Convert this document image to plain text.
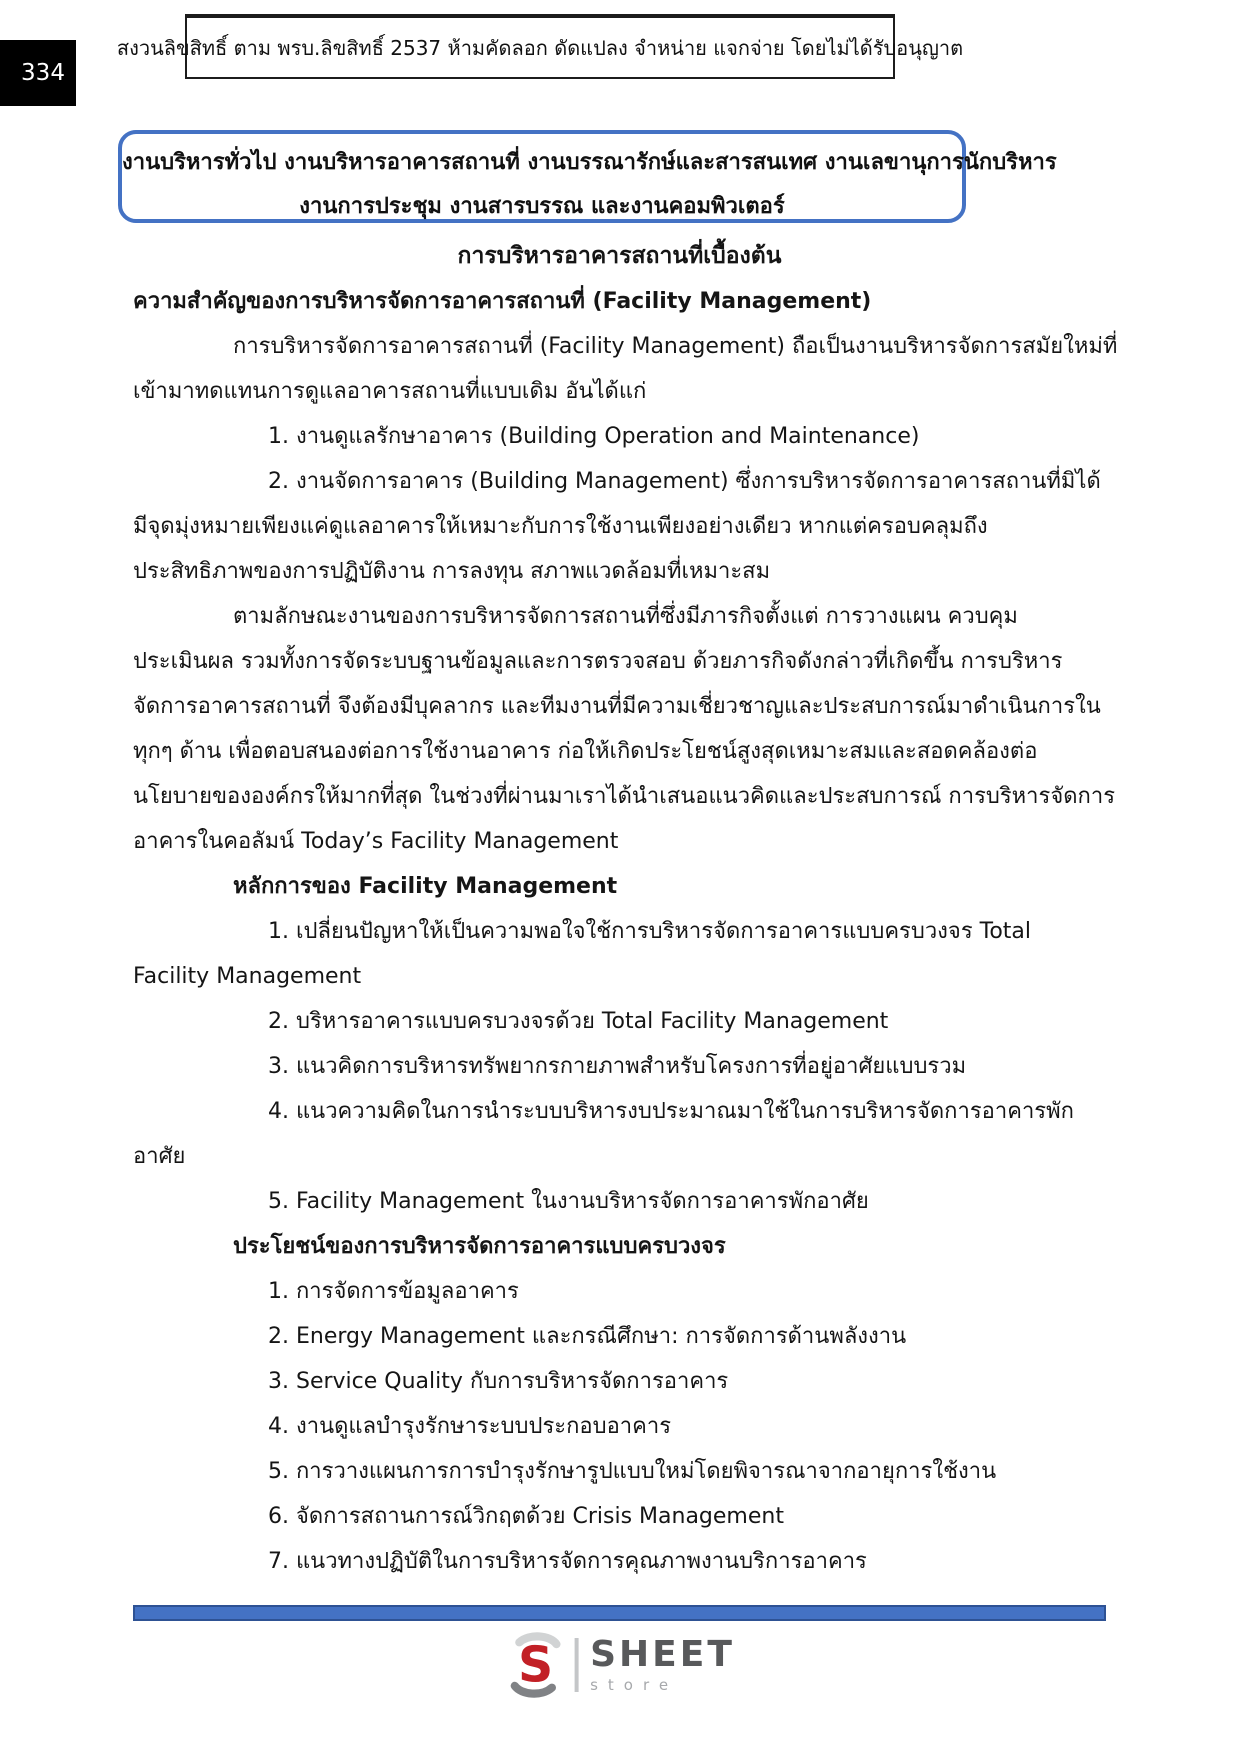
334
สงวนลิขสิทธิ์ ตาม พรบ.ลิขสิทธิ์ 2537 ห้ามคัดลอก ดัดแปลง จำหน่าย แจกจ่าย โดยไม่ได้รับอนุญาต
งานบริหารทั่วไป งานบริหารอาคารสถานที่ งานบรรณารักษ์และสารสนเทศ งานเลขานุการนักบริหาร
งานการประชุม งานสารบรรณ และงานคอมพิวเตอร์
การบริหารอาคารสถานที่เบื้องต้น
ความสำคัญของการบริหารจัดการอาคารสถานที่ (Facility Management)
การบริหารจัดการอาคารสถานที่ (Facility Management) ถือเป็นงานบริหารจัดการสมัยใหม่ที่
เข้ามาทดแทนการดูแลอาคารสถานที่แบบเดิม อันได้แก่
1. งานดูแลรักษาอาคาร (Building Operation and Maintenance)
2. งานจัดการอาคาร (Building Management) ซึ่งการบริหารจัดการอาคารสถานที่มิได้
มีจุดมุ่งหมายเพียงแค่ดูแลอาคารให้เหมาะกับการใช้งานเพียงอย่างเดียว หากแต่ครอบคลุมถึง
ประสิทธิภาพของการปฏิบัติงาน การลงทุน สภาพแวดล้อมที่เหมาะสม
ตามลักษณะงานของการบริหารจัดการสถานที่ซึ่งมีภารกิจตั้งแต่ การวางแผน ควบคุม
ประเมินผล รวมทั้งการจัดระบบฐานข้อมูลและการตรวจสอบ ด้วยภารกิจดังกล่าวที่เกิดขึ้น การบริหาร
จัดการอาคารสถานที่ จึงต้องมีบุคลากร และทีมงานที่มีความเชี่ยวชาญและประสบการณ์มาดำเนินการใน
ทุกๆ ด้าน เพื่อตอบสนองต่อการใช้งานอาคาร ก่อให้เกิดประโยชน์สูงสุดเหมาะสมและสอดคล้องต่อ
นโยบายขององค์กรให้มากที่สุด ในช่วงที่ผ่านมาเราได้นำเสนอแนวคิดและประสบการณ์ การบริหารจัดการ
อาคารในคอลัมน์ Today’s Facility Management
หลักการของ Facility Management
1. เปลี่ยนปัญหาให้เป็นความพอใจใช้การบริหารจัดการอาคารแบบครบวงจร Total
Facility Management
2. บริหารอาคารแบบครบวงจรด้วย Total Facility Management
3. แนวคิดการบริหารทรัพยากรกายภาพสำหรับโครงการที่อยู่อาศัยแบบรวม
4. แนวความคิดในการนำระบบบริหารงบประมาณมาใช้ในการบริหารจัดการอาคารพัก
อาศัย
5. Facility Management ในงานบริหารจัดการอาคารพักอาศัย
ประโยชน์ของการบริหารจัดการอาคารแบบครบวงจร
1. การจัดการข้อมูลอาคาร
2. Energy Management และกรณีศึกษา: การจัดการด้านพลังงาน
3. Service Quality กับการบริหารจัดการอาคาร
4. งานดูแลบำรุงรักษาระบบประกอบอาคาร
5. การวางแผนการการบำรุงรักษารูปแบบใหม่โดยพิจารณาจากอายุการใช้งาน
6. จัดการสถานการณ์วิกฤตด้วย Crisis Management
7. แนวทางปฏิบัติในการบริหารจัดการคุณภาพงานบริการอาคาร
S SHEET
store
